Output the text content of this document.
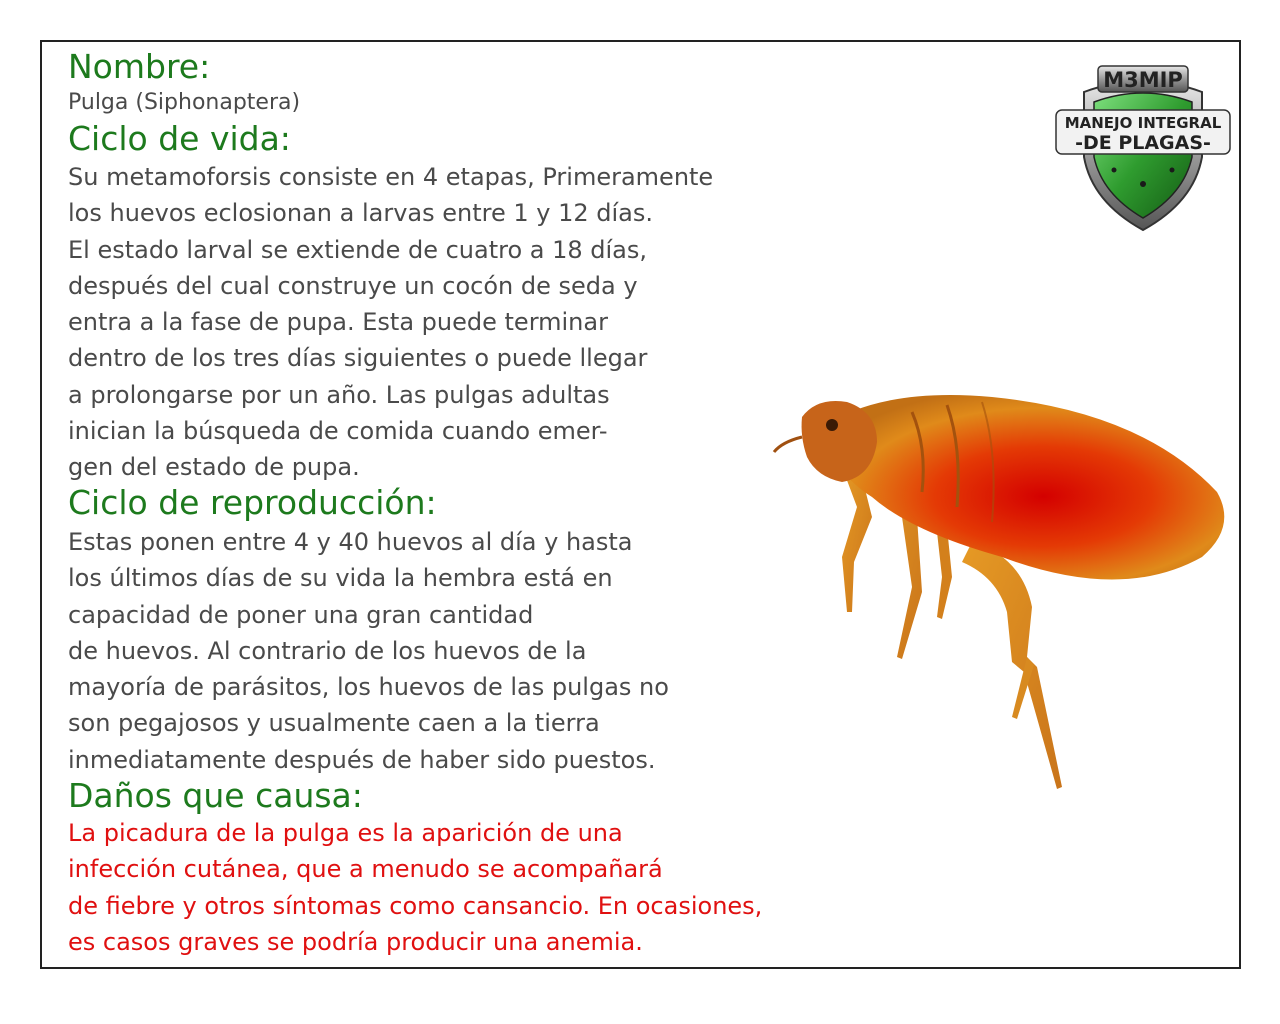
M3MIP
MANEJO INTEGRAL
-DE PLAGAS-
Nombre:
Pulga (Siphonaptera)
Ciclo de vida:
Su metamoforsis consiste en 4 etapas, Primeramente
los huevos eclosionan a larvas entre 1 y 12 días.
El estado larval se extiende de cuatro a 18 días,
después del cual construye un cocón de seda y
entra a la fase de pupa. Esta puede terminar
dentro de los tres días siguientes o puede llegar
a prolongarse por un año. Las pulgas adultas
inician la búsqueda de comida cuando emer-
gen del estado de pupa.
Ciclo de reproducción:
Estas ponen entre 4 y 40 huevos al día y hasta
los últimos días de su vida la hembra está en
capacidad de poner una gran cantidad
de huevos. Al contrario de los huevos de la
mayoría de parásitos, los huevos de las pulgas no
son pegajosos y usualmente caen a la tierra
inmediatamente después de haber sido puestos.
Daños que causa:
La picadura de la pulga es la aparición de una
infección cutánea, que a menudo se acompañará
de fiebre y otros síntomas como cansancio. En ocasiones,
es casos graves se podría producir una anemia.
